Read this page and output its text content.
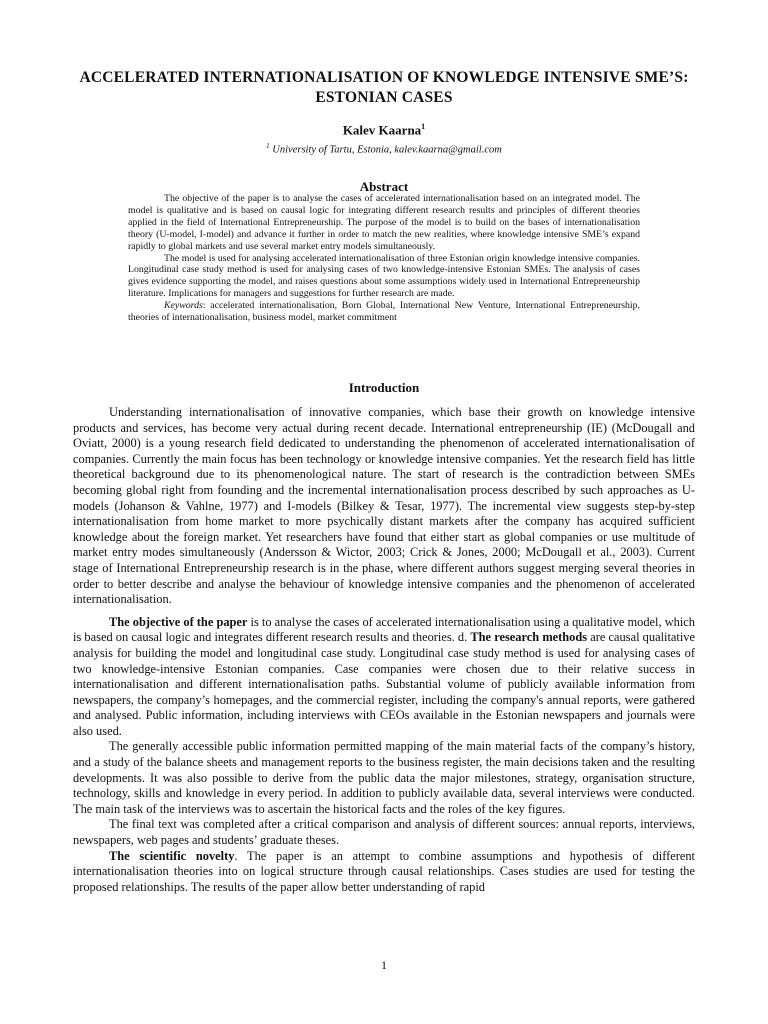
ACCELERATED INTERNATIONALISATION OF KNOWLEDGE INTENSIVE SME’S: ESTONIAN CASES
Kalev Kaarna$^1$
$^1$ University of Tartu, Estonia, kalev.kaarna@gmail.com
Abstract

The objective of the paper is to analyse the cases of accelerated internationalisation based on an integrated model. The model is qualitative and is based on causal logic for integrating different research results and principles of different theories applied in the field of International Entrepreneurship. The purpose of the model is to build on the bases of internationalisation theory (U-model, I-model) and advance it further in order to match the new realities, where knowledge intensive SME’s expand rapidly to global markets and use several market entry models simultaneously.

The model is used for analysing accelerated internationalisation of three Estonian origin knowledge intensive companies. Longitudinal case study method is used for analysing cases of two knowledge-intensive Estonian SMEs. The analysis of cases gives evidence supporting the model, and raises questions about some assumptions widely used in International Entrepreneurship literature. Implications for managers and suggestions for further research are made.

Keywords: accelerated internationalisation, Born Global, International New Venture, International Entrepreneurship, theories of internationalisation, business model, market commitment

Introduction

Understanding internationalisation of innovative companies, which base their growth on knowledge intensive products and services, has become very actual during recent decade. International entrepreneurship (IE) (McDougall and Oviatt, 2000) is a young research field dedicated to understanding the phenomenon of accelerated internationalisation of companies. Currently the main focus has been technology or knowledge intensive companies. Yet the research field has little theoretical background due to its phenomenological nature. The start of research is the contradiction between SMEs becoming global right from founding and the incremental internationalisation process described by such approaches as U-models (Johanson & Vahlne, 1977) and I-models (Bilkey & Tesar, 1977). The incremental view suggests step-by-step internationalisation from home market to more psychically distant markets after the company has acquired sufficient knowledge about the foreign market. Yet researchers have found that either start as global companies or use multitude of market entry modes simultaneously (Andersson & Wictor, 2003; Crick & Jones, 2000; McDougall et al., 2003). Current stage of International Entrepreneurship research is in the phase, where different authors suggest merging several theories in order to better describe and analyse the behaviour of knowledge intensive companies and the phenomenon of accelerated internationalisation.

The objective of the paper is to analyse the cases of accelerated internationalisation using a qualitative model, which is based on causal logic and integrates different research results and theories. d. The research methods are causal qualitative analysis for building the model and longitudinal case study. Longitudinal case study method is used for analysing cases of two knowledge-intensive Estonian companies. Case companies were chosen due to their relative success in internationalisation and different internationalisation paths. Substantial volume of publicly available information from newspapers, the company’s homepages, and the commercial register, including the company's annual reports, were gathered and analysed. Public information, including interviews with CEOs available in the Estonian newspapers and journals were also used.

The generally accessible public information permitted mapping of the main material facts of the company’s history, and a study of the balance sheets and management reports to the business register, the main decisions taken and the resulting developments. It was also possible to derive from the public data the major milestones, strategy, organisation structure, technology, skills and knowledge in every period. In addition to publicly available data, several interviews were conducted. The main task of the interviews was to ascertain the historical facts and the roles of the key figures.

The final text was completed after a critical comparison and analysis of different sources: annual reports, interviews, newspapers, web pages and students’ graduate theses.

The scientific novelty. The paper is an attempt to combine assumptions and hypothesis of different internationalisation theories into on logical structure through causal relationships. Cases studies are used for testing the proposed relationships. The results of the paper allow better understanding of rapid

1
